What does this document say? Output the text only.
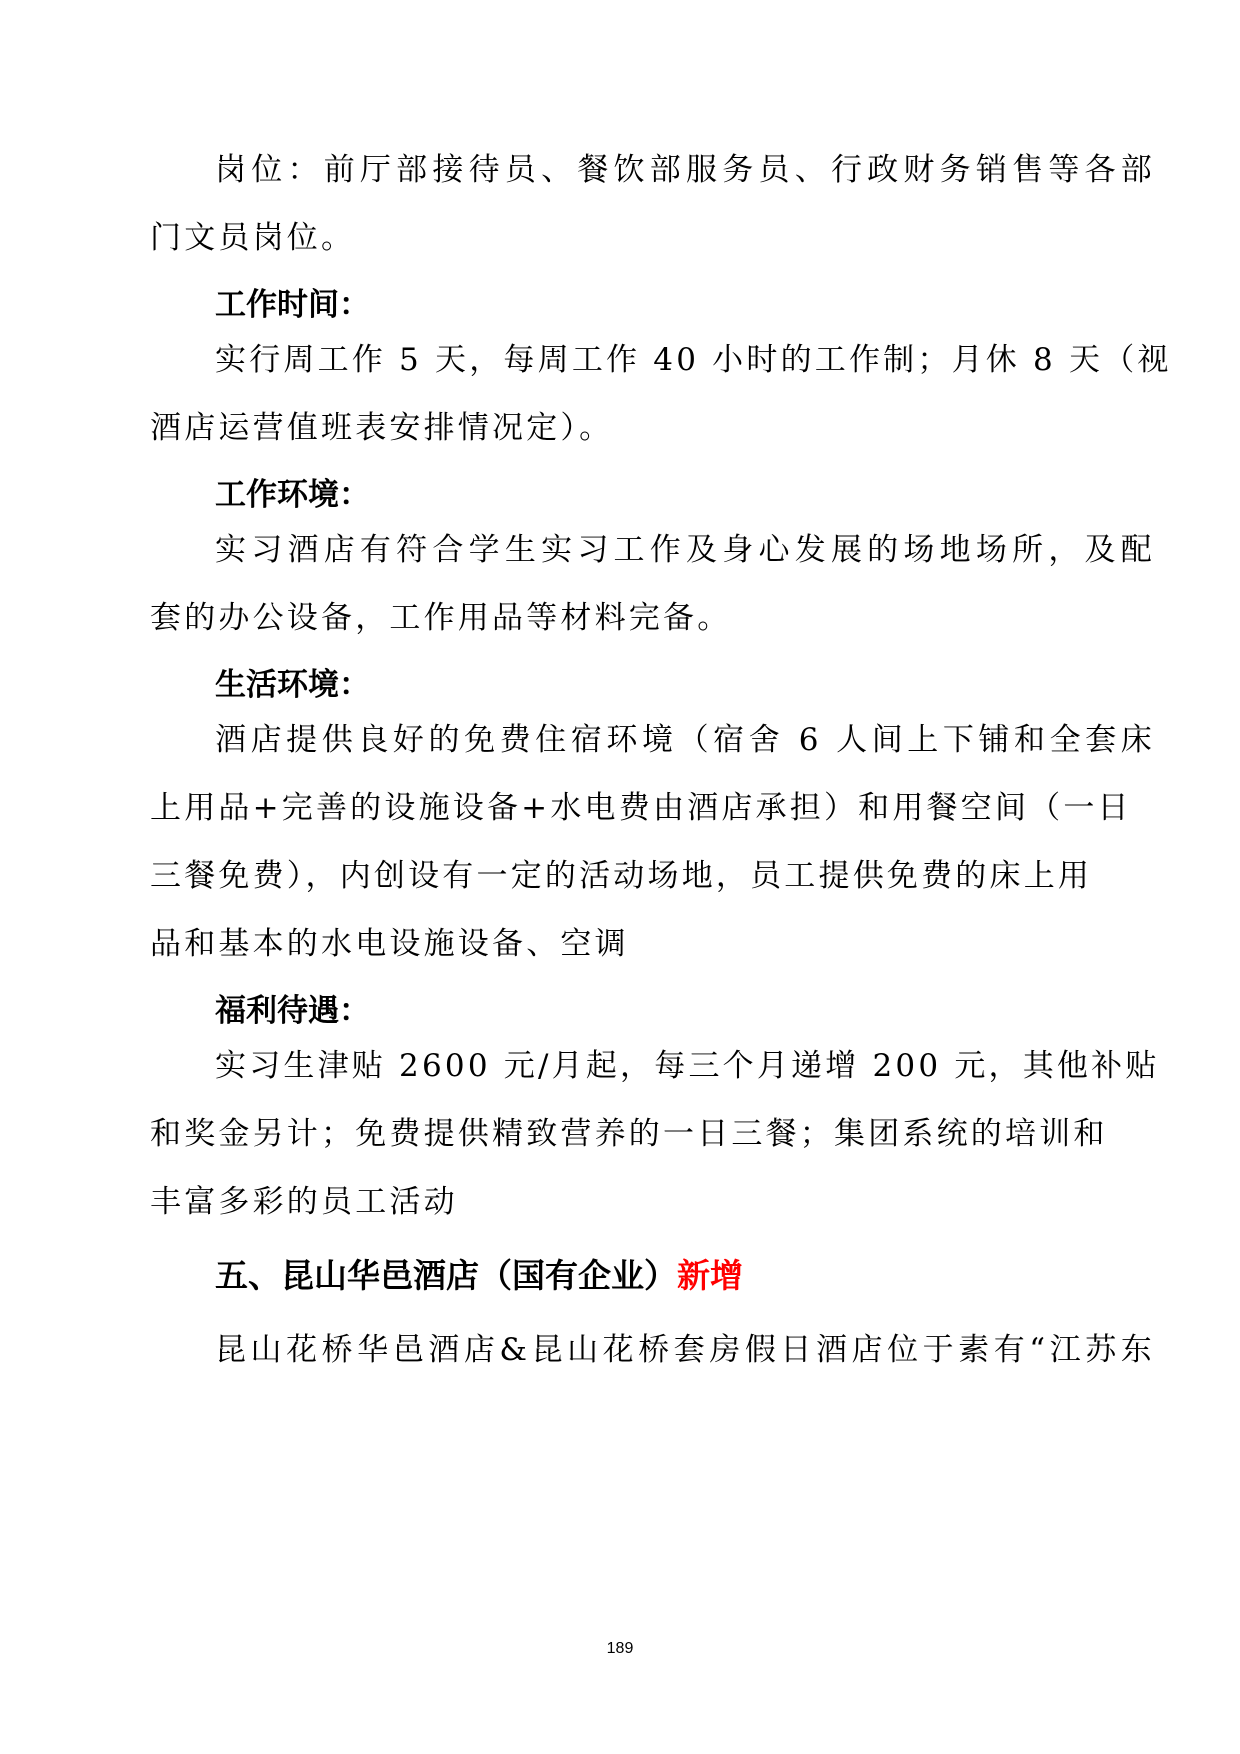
岗位：前厅部接待员、餐饮部服务员、行政财务销售等各部
门文员岗位。
工作时间：
实行周工作 5 天，每周工作 40 小时的工作制；月休 8 天（视
酒店运营值班表安排情况定）。
工作环境：
实习酒店有符合学生实习工作及身心发展的场地场所，及配
套的办公设备，工作用品等材料完备。
生活环境：
酒店提供良好的免费住宿环境（宿舍 6 人间上下铺和全套床
上用品+完善的设施设备+水电费由酒店承担）和用餐空间（一日
三餐免费），内创设有一定的活动场地，员工提供免费的床上用
品和基本的水电设施设备、空调
福利待遇：
实习生津贴 2600 元/月起，每三个月递增 200 元，其他补贴
和奖金另计；免费提供精致营养的一日三餐；集团系统的培训和
丰富多彩的员工活动
五、昆山华邑酒店（国有企业）新增
昆山花桥华邑酒店&昆山花桥套房假日酒店位于素有“江苏东
189
